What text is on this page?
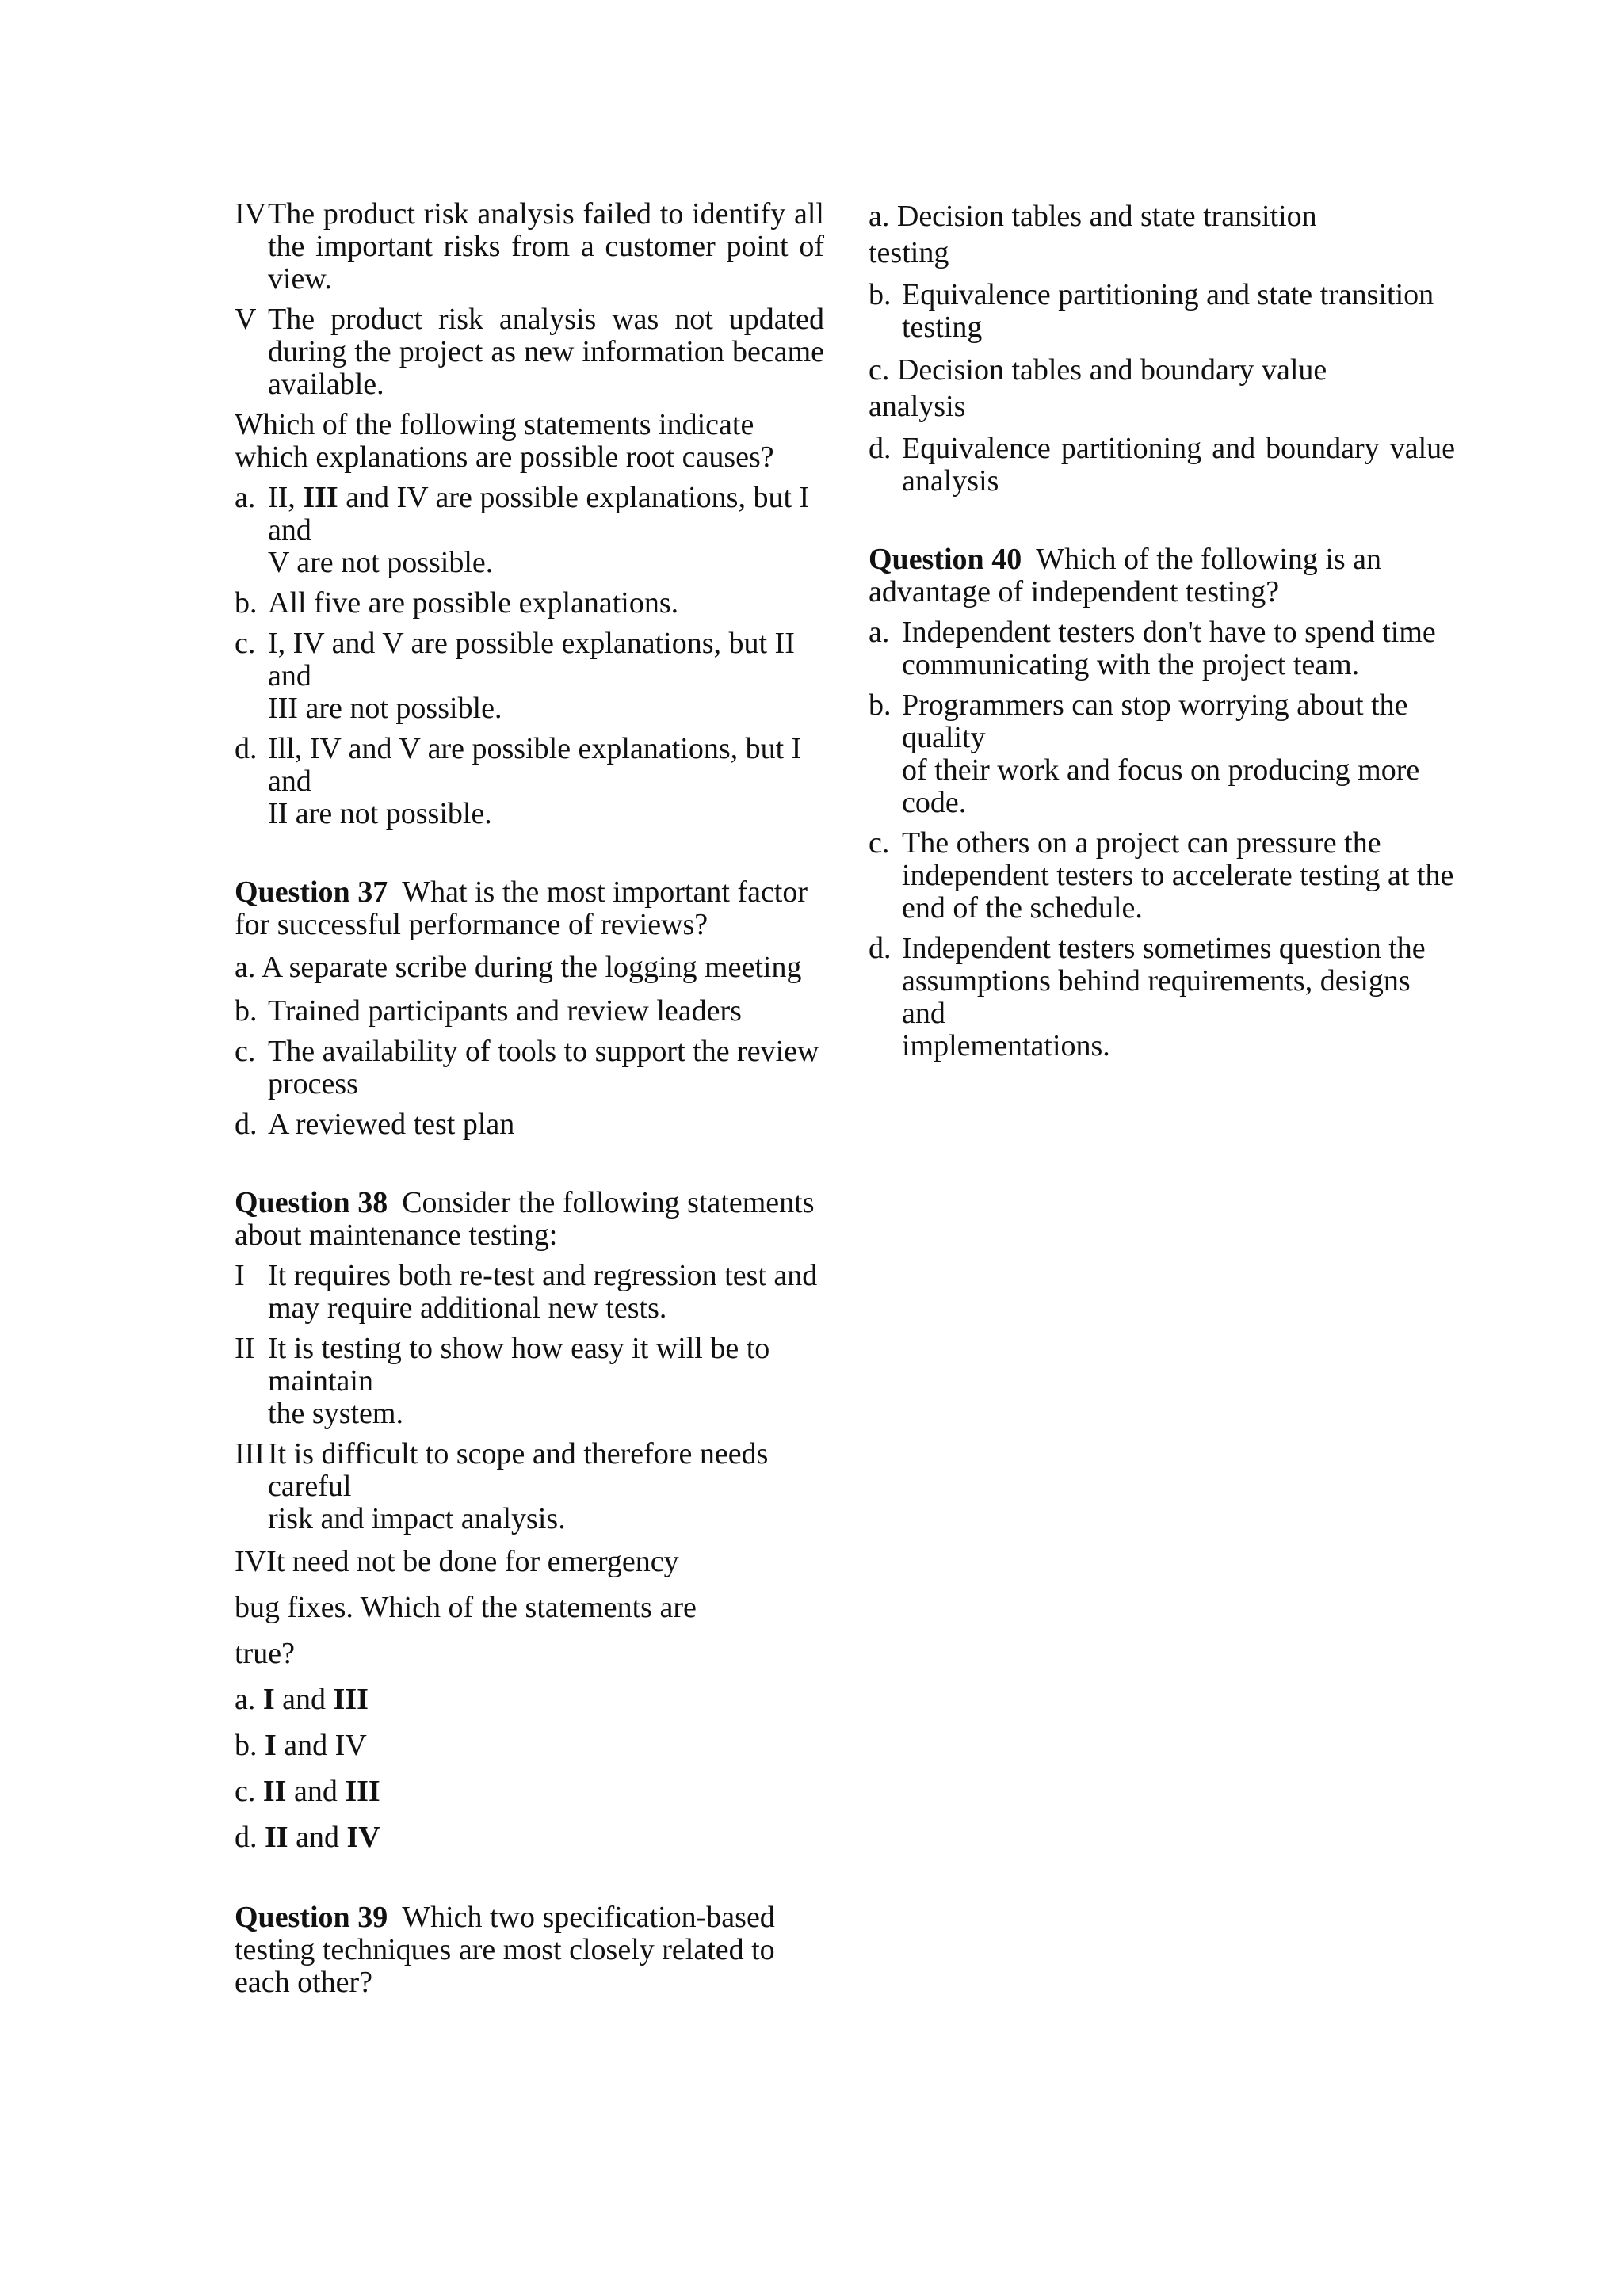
IV The product risk analysis failed to identify all the important risks from a customer point of view.
V The product risk analysis was not updated during the project as new information became available.
Which of the following statements indicate which explanations are possible root causes?
a. II, III and IV are possible explanations, but I and
V are not possible.
b. All five are possible explanations.
c. I, IV and V are possible explanations, but II and
III are not possible.
d. Ill, IV and V are possible explanations, but I and
II are not possible.
Question 37 What is the most important factor for successful performance of reviews?
a. A separate scribe during the logging meeting
b. Trained participants and review leaders
c. The availability of tools to support the review
process
d. A reviewed test plan
Question 38 Consider the following statements about maintenance testing:
I It requires both re-test and regression test and
may require additional new tests.
II It is testing to show how easy it will be to maintain
the system.
III It is difficult to scope and therefore needs careful
risk and impact analysis.
IVIt need not be done for emergency
bug fixes. Which of the statements are
true?
a. I and III
b. I and IV
c. II and III
d. II and IV
Question 39 Which two specification-based testing techniques are most closely related to each other?
a. Decision tables and state transition
testing
b. Equivalence partitioning and state transition
testing
c. Decision tables and boundary value
analysis
d. Equivalence partitioning and boundary value analysis
Question 40 Which of the following is an advantage of independent testing?
a. Independent testers don't have to spend time
communicating with the project team.
b. Programmers can stop worrying about the quality
of their work and focus on producing more code.
c. The others on a project can pressure the independent testers to accelerate testing at the
end of the schedule.
d. Independent testers sometimes question the
assumptions behind requirements, designs and
implementations.
